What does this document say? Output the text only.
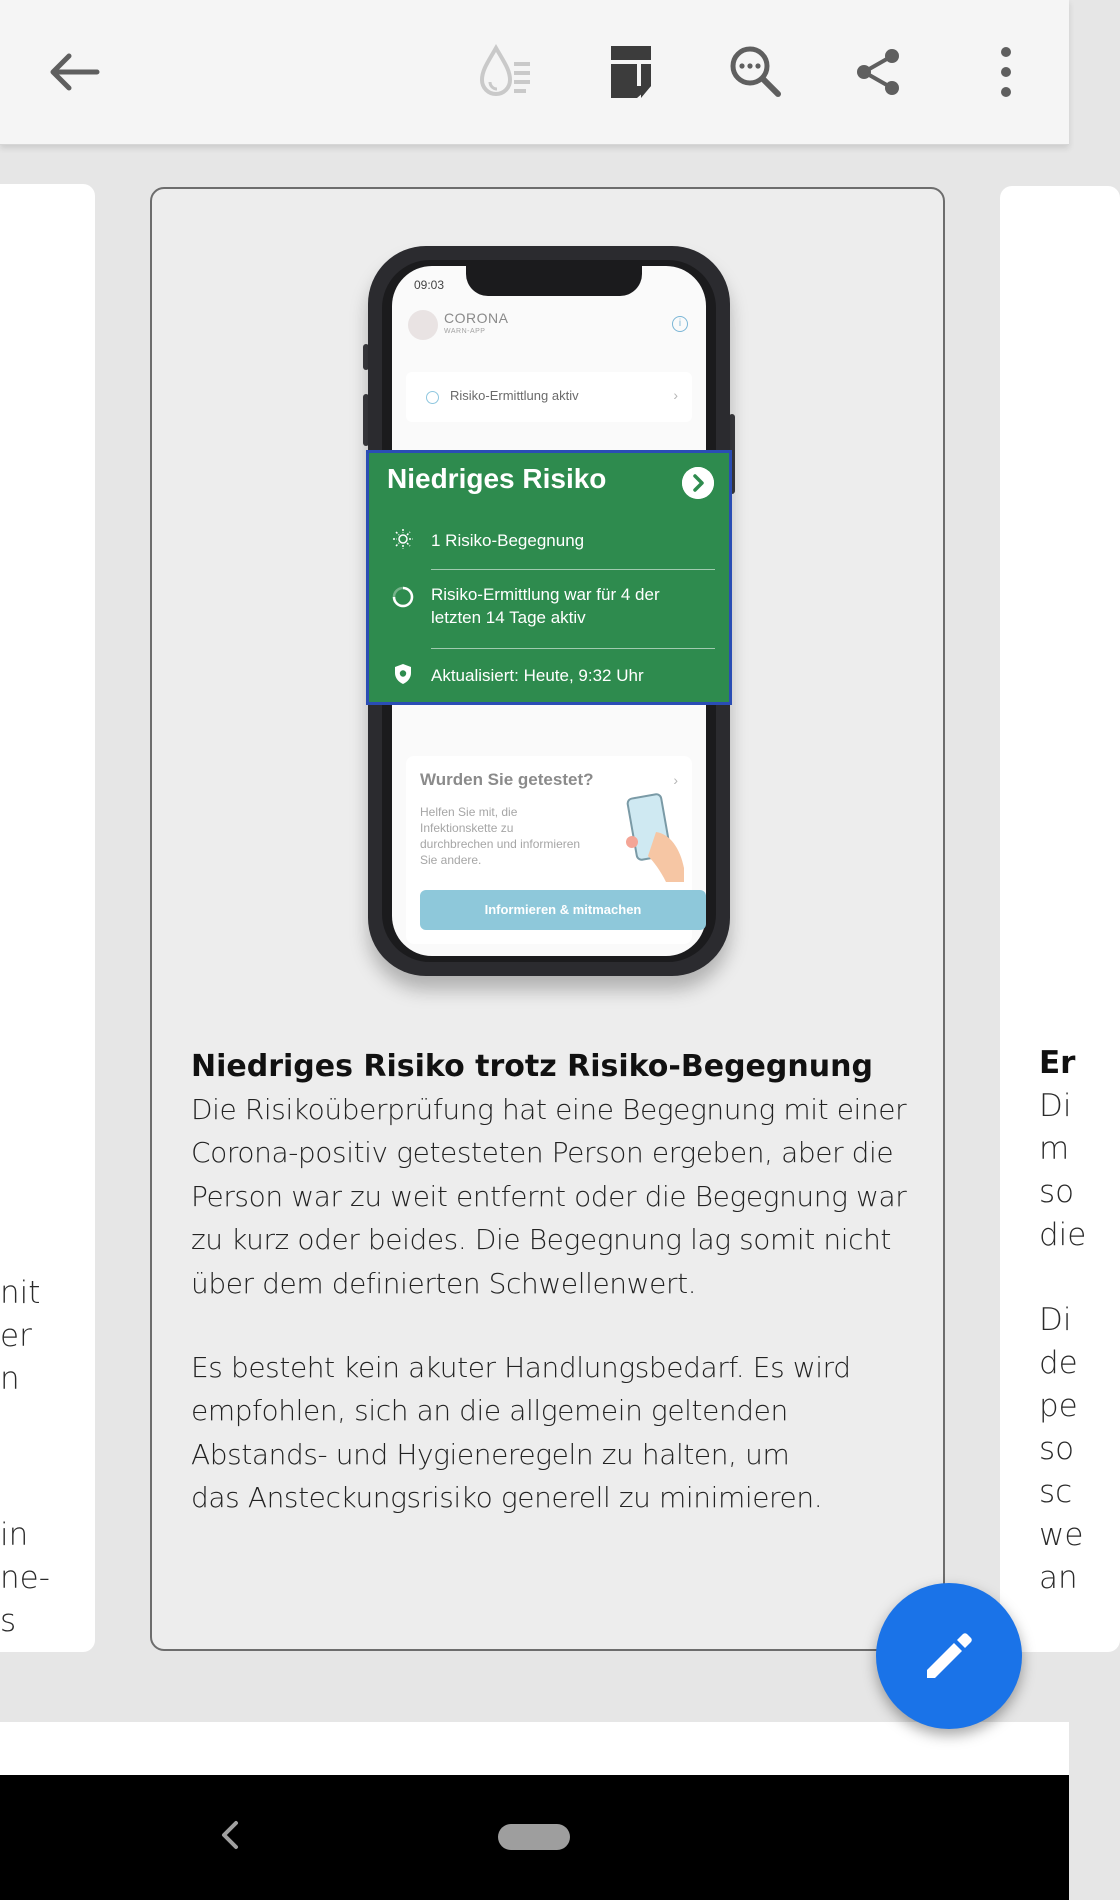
nit
er
n
in
ne-
s
Er
Di
m
so
die
Di
de
pe
so
sc
we
an
09:03
CORONA
WARN-APP
i
Risiko-Ermittlung aktiv	›
Wurden Sie getestet?	›
Helfen Sie mit, die
Infektionskette zu
durchbrechen und informieren
Sie andere.
Informieren & mitmachen
Niedriges Risiko
1 Risiko-Begegnung
Risiko-Ermittlung war für 4 der
letzten 14 Tage aktiv
Aktualisiert: Heute, 9:32 Uhr
Niedriges Risiko trotz Risiko-Begegnung
Die Risikoüberprüfung hat eine Begegnung mit einer
Corona-positiv getesteten Person ergeben, aber die
Person war zu weit entfernt oder die Begegnung war
zu kurz oder beides. Die Begegnung lag somit nicht
über dem definierten Schwellenwert.
Es besteht kein akuter Handlungsbedarf. Es wird
empfohlen, sich an die allgemein geltenden
Abstands- und Hygieneregeln zu halten, um
das Ansteckungsrisiko generell zu minimieren.
